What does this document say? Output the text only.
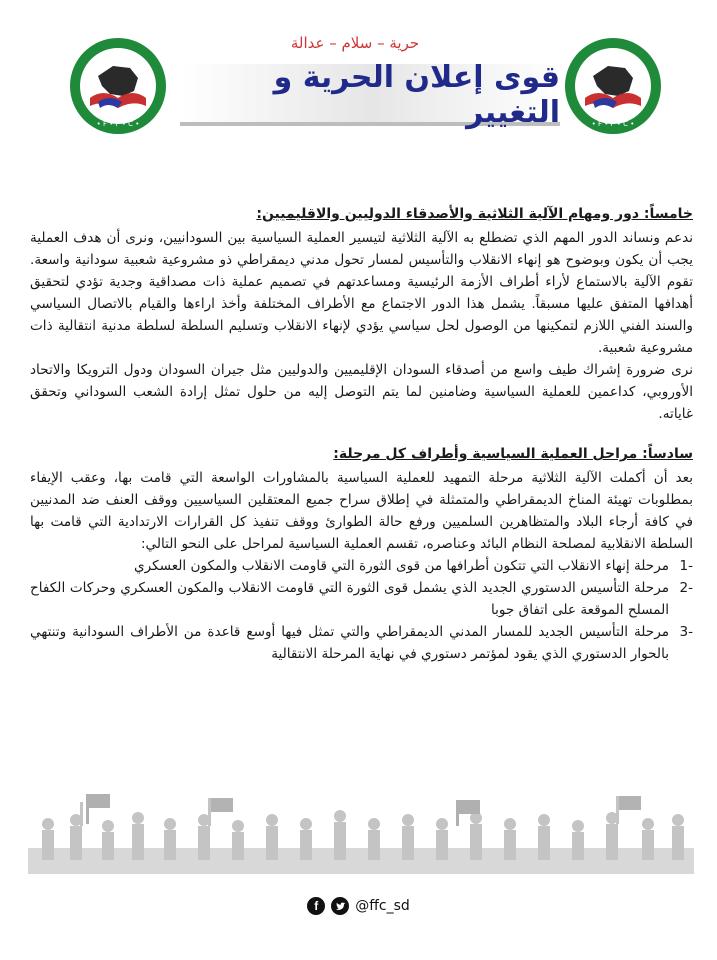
• F • F • C •	• F • F • C •
حرية – سلام – عدالة
قوى إعلان الحرية و التغيير
خامساً: دور ومهام الآلية الثلاثية والأصدقاء الدوليين والاقليميين:

ندعم ونساند الدور المهم الذي تضطلع به الآلية الثلاثية لتيسير العملية السياسية بين السودانيين، ونرى أن هدف العملية يجب أن يكون وبوضوح هو إنهاء الانقلاب والتأسيس لمسار تحول مدني ديمقراطي ذو مشروعية شعبية سودانية واسعة. تقوم الآلية بالاستماع لأراء أطراف الأزمة الرئيسية ومساعدتهم في تصميم عملية ذات مصداقية وجدية تؤدي لتحقيق أهدافها المتفق عليها مسبقاً. يشمل هذا الدور الاجتماع مع الأطراف المختلفة وأخذ اراءها والقيام بالاتصال السياسي والسند الفني اللازم لتمكينها من الوصول لحل سياسي يؤدي لإنهاء الانقلاب وتسليم السلطة لسلطة مدنية انتقالية ذات مشروعية شعبية.

نرى ضرورة إشراك طيف واسع من أصدقاء السودان الإقليميين والدوليين مثل جيران السودان ودول الترويكا والاتحاد الأوروبي، كداعمين للعملية السياسية وضامنين لما يتم التوصل إليه من حلول تمثل إرادة الشعب السوداني وتحقق غاياته.

سادساً: مراحل العملية السياسية وأطراف كل مرحلة:

بعد أن أكملت الآلية الثلاثية مرحلة التمهيد للعملية السياسية بالمشاورات الواسعة التي قامت بها، وعقب الإيفاء بمطلوبات تهيئة المناخ الديمقراطي والمتمثلة في إطلاق سراح جميع المعتقلين السياسيين ووقف العنف ضد المدنيين في كافة أرجاء البلاد والمتظاهرين السلميين ورفع حالة الطوارئ ووقف تنفيذ كل القرارات الارتدادية التي قامت بها السلطة الانقلابية لمصلحة النظام البائد وعناصره، تقسم العملية السياسية لمراحل على النحو التالي:

-1
مرحلة إنهاء الانقلاب التي تتكون أطرافها من قوى الثورة التي قاومت الانقلاب والمكون العسكري
-2
مرحلة التأسيس الدستوري الجديد الذي يشمل قوى الثورة التي قاومت الانقلاب والمكون العسكري وحركات الكفاح المسلح الموقعة على اتفاق جوبا
-3
مرحلة التأسيس الجديد للمسار المدني الديمقراطي والتي تمثل فيها أوسع قاعدة من الأطراف السودانية وتنتهي بالحوار الدستوري الذي يقود لمؤتمر دستوري في نهاية المرحلة الانتقالية
f	@ffc_sd
